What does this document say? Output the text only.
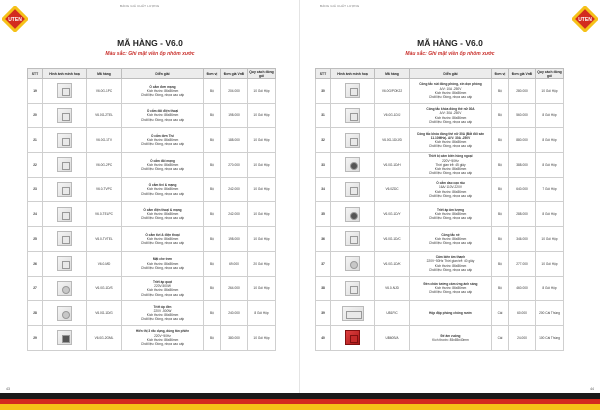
UTEN
BẢNG GIÁ CHẤT LƯỢNG
MÃ HÀNG - V6.0
Màu sắc: Ghi mặt viền ốp nhôm xước
STT	Hình ảnh minh hoạ	Mã hàng	Diễn giải	Đơn vị	Đơn giá VnĐ	Quy cách đóng gói
19		V6.0G-1PC	Ổ cắm đơn mạng
Kích thước: 86x86mm
Chất liệu: Đồng, nhựa cao cấp	Bộ	204.000	10 Gói Hộp
20		V6.0G-2TEL	Ổ cắm đôi điện thoại
Kích thước: 86x86mm
Chất liệu: Đồng, nhựa cao cấp	Bộ	198.000	10 Gói Hộp
21		V6.0G-1TV	Ổ cắm đơn Tivi
Kích thước: 86x86mm
Chất liệu: Đồng, nhựa cao cấp	Bộ	188.000	10 Gói Hộp
22		V6.0G-2PC	Ổ cắm đôi mạng
Kích thước: 86x86mm
Chất liệu: Đồng, nhựa cao cấp	Bộ	270.000	10 Gói Hộp
23		V6.0-TVPC	Ổ cắm tivi & mạng
Kích thước: 86x86mm
Chất liệu: Đồng, nhựa cao cấp	Bộ	242.000	10 Gói Hộp
24		V6.0-TELPC	Ổ cắm điện thoại & mạng
Kích thước: 86x86mm
Chất liệu: Đồng, nhựa cao cấp	Bộ	242.000	10 Gói Hộp
25		V6.0-TVTEL	Ổ cắm tivi & điện thoại
Kích thước: 86x86mm
Chất liệu: Đồng, nhựa cao cấp	Bộ	198.000	10 Gói Hộp
26		V6.0-MD	Mặt che trơn
Kích thước: 86x86mm
Chất liệu: Đồng, nhựa cao cấp	Bộ	69.000	20 Gói Hộp
27		V6.0G-1D/S	Triết áp quạt
220V-500W
Kích thước: 86x86mm
Chất liệu: Đồng, nhựa cao cấp	Bộ	264.000	10 Gói Hộp
28		V6.0G-1D/G	Triết áp đèn
220V -500W
Kích thước: 86x86mm
Chất liệu: Đồng, nhựa cao cấp	Bộ	240.000	8 Gói Hộp
29		V6.0G-2GML	Hiển thị 3 rãc dụng, dùng tản phiên
220V~50Hz
Kích thước: 86x86mm
Chất liệu: Đồng, nhựa cao cấp	Bộ	380.000	10 Gói Hộp
43
UTEN
BẢNG GIÁ CHẤT LƯỢNG
MÃ HÀNG - V6.0
Màu sắc: Ghi mặt viền ốp nhôm xước
STT	Hình ảnh minh hoạ	Mã hàng	Diễn giải	Đơn vị	Đơn giá VnĐ	Quy cách đóng gói
30		V6.0G/POK22	Công tắc nút đóng phòng, xin dọn phòng
A/V: 10A -250V
Kích thước: 86x86mm
Chất liệu: Đồng, nhựa cao cấp	Bộ	280.000	10 Gói Hộp
31		V6.0G-1D/J	Công tắc khóa đóng thẻ nữ 30A
A/V: 30A -250V
Kích thước: 86x86mm
Chất liệu: Đồng, nhựa cao cấp	Bộ	560.000	8 Gói Hộp
32		V6.0G-1D/J/D	Công tắc khóa đóng thẻ nữ 30A (Bắt đổi sản 11.10MHz)- A/V: 30A -250V
Kích thước: 86x86mm
Chất liệu: Đồng, nhựa cao cấp	Bộ	880.000	8 Gói Hộp
33		V6.0G-1D/H	Thiết bị cảm biến hồng ngoại
220V~50Hz
Thời gian trễ: 45 giây
Kích thước: 86x86mm
Chất liệu: Đồng, nhựa cao cấp	Bộ	388.000	8 Gói Hộp
34		V6.0ZDC	Ổ cắm dao cạo râu
16A/ 110V-220V
Kích thước: 86x86mm
Chất liệu: Đồng, nhựa cao cấp	Bộ	640.000	7 Gói Hộp
35		V6.0G-1D/Y	Triết áp âm lượng
Kích thước: 86x86mm
Chất liệu: Đồng, nhựa cao cấp	Bộ	288.000	8 Gói Hộp
36		V6.0G-1D/C	Công tắc nề
Kích thước: 86x86mm
Chất liệu: Đồng, nhựa cao cấp	Bộ	346.000	10 Gói Hộp
37		V6.0G-1D/K	Cảm biến âm thanh
220V~50Hz Thời gian trễ: 40 giây
Kích thước: 86x86mm
Chất liệu: Đồng, nhựa cao cấp	Bộ	277.000	10 Gói Hộp
38		V6.0-NJD	Đèn chân tường cảm ứng ánh sáng
Kích thước: 86x86mm
Chất liệu: Đồng, nhựa cao cấp	Bộ	460.000	8 Gói Hộp
39		UB1FIC	Hộp đặp phòng chống nước	Cái	60.000	200 Cái Thùng
40		UB60S/A	Đế âm vuông
Kích thước: 85x85x40mm	Cái	24.000	100 Cái Thùng
44
